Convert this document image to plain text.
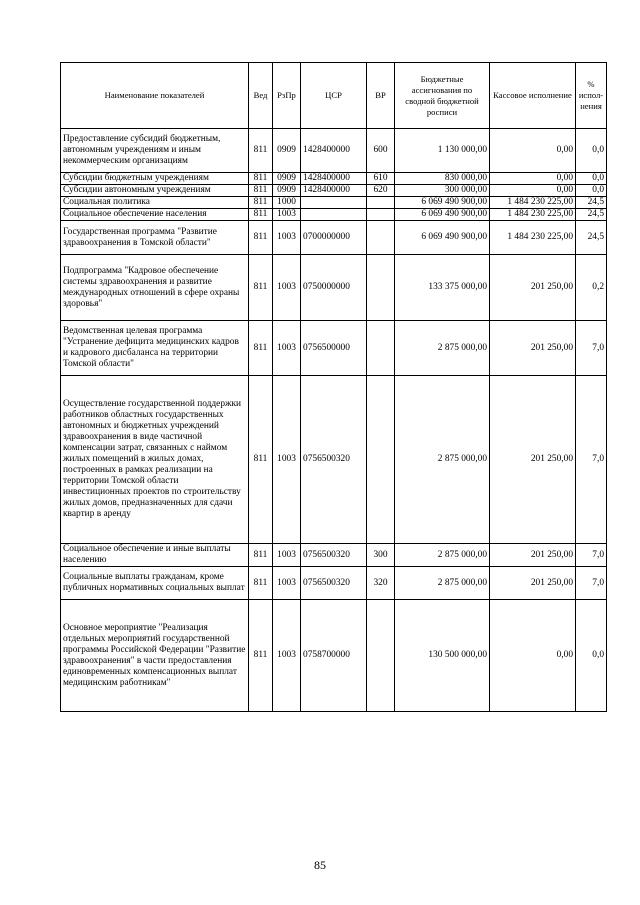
Наименование показателей	Вед	РзПр	ЦСР	ВР	Бюджетные ассигнования по сводной бюджетной росписи	Кассовое исполнение	% испол-нения
Предоставление субсидий бюджетным, автономным учреждениям и иным некоммерческим организациям	811	0909	1428400000	600	1 130 000,00	0,00	0,0
Субсидии бюджетным учреждениям	811	0909	1428400000	610	830 000,00	0,00	0,0
Субсидии автономным учреждениям	811	0909	1428400000	620	300 000,00	0,00	0,0
Социальная политика	811	1000			6 069 490 900,00	1 484 230 225,00	24,5
Социальное обеспечение населения	811	1003			6 069 490 900,00	1 484 230 225,00	24,5
Государственная программа "Развитие здравоохранения в Томской области"	811	1003	0700000000		6 069 490 900,00	1 484 230 225,00	24,5
Подпрограмма "Кадровое обеспечение системы здравоохранения и развитие международных отношений в сфере охраны здоровья"	811	1003	0750000000		133 375 000,00	201 250,00	0,2
Ведомственная целевая программа "Устранение дефицита медицинских кадров и кадрового дисбаланса на территории Томской области"	811	1003	0756500000		2 875 000,00	201 250,00	7,0
Осуществление государственной поддержки работников областных государственных автономных и бюджетных учреждений здравоохранения в виде частичной компенсации затрат, связанных с наймом жилых помещений в жилых домах, построенных в рамках реализации на территории Томской области инвестиционных проектов по строительству жилых домов, предназначенных для сдачи квартир в аренду	811	1003	0756500320		2 875 000,00	201 250,00	7,0
Социальное обеспечение и иные выплаты населению	811	1003	0756500320	300	2 875 000,00	201 250,00	7,0
Социальные выплаты гражданам, кроме публичных нормативных социальных выплат	811	1003	0756500320	320	2 875 000,00	201 250,00	7,0
Основное мероприятие "Реализация отдельных мероприятий государственной программы Российской Федерации "Развитие здравоохранения" в части предоставления единовременных компенсационных выплат медицинским работникам"	811	1003	0758700000		130 500 000,00	0,00	0,0
85
